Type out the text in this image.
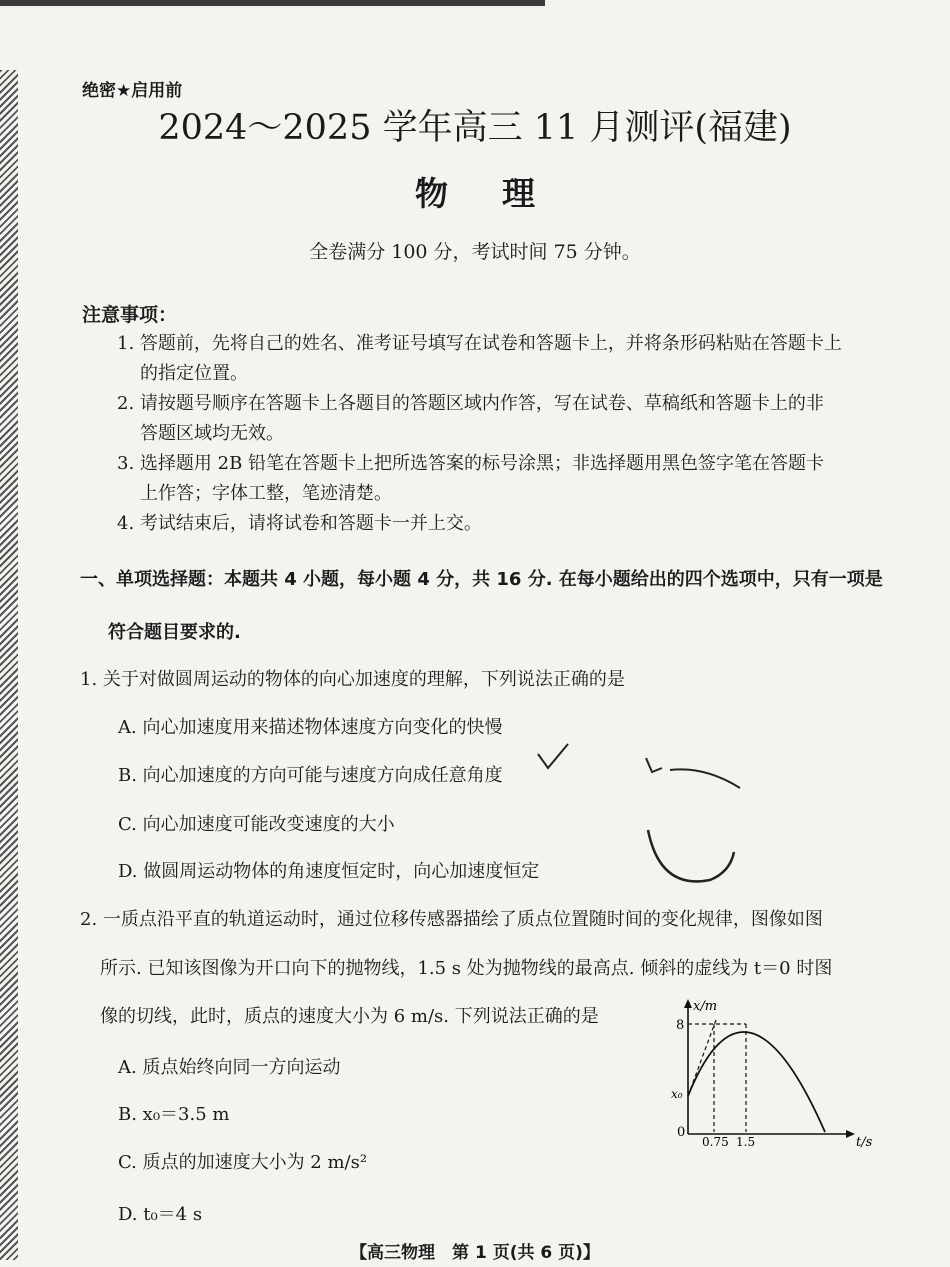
绝密★启用前
2024～2025 学年高三 11 月测评(福建)
物理
全卷满分 100 分，考试时间 75 分钟。
注意事项：
1. 答题前，先将自己的姓名、准考证号填写在试卷和答题卡上，并将条形码粘贴在答题卡上
的指定位置。
2. 请按题号顺序在答题卡上各题目的答题区域内作答，写在试卷、草稿纸和答题卡上的非
答题区域均无效。
3. 选择题用 2B 铅笔在答题卡上把所选答案的标号涂黑；非选择题用黑色签字笔在答题卡
上作答；字体工整，笔迹清楚。
4. 考试结束后，请将试卷和答题卡一并上交。
一、单项选择题：本题共 4 小题，每小题 4 分，共 16 分. 在每小题给出的四个选项中，只有一项是
符合题目要求的.
1. 关于对做圆周运动的物体的向心加速度的理解，下列说法正确的是
A. 向心加速度用来描述物体速度方向变化的快慢
B. 向心加速度的方向可能与速度方向成任意角度
C. 向心加速度可能改变速度的大小
D. 做圆周运动物体的角速度恒定时，向心加速度恒定
2. 一质点沿平直的轨道运动时，通过位移传感器描绘了质点位置随时间的变化规律，图像如图
所示. 已知该图像为开口向下的抛物线，1.5 s 处为抛物线的最高点. 倾斜的虚线为 t＝0 时图
像的切线，此时，质点的速度大小为 6 m/s. 下列说法正确的是
A. 质点始终向同一方向运动
B. x₀＝3.5 m
C. 质点的加速度大小为 2 m/s²
D. t₀＝4 s
x/m
8
x₀
0
0.75 1.5	t/s
【高三物理　第 1 页(共 6 页)】
